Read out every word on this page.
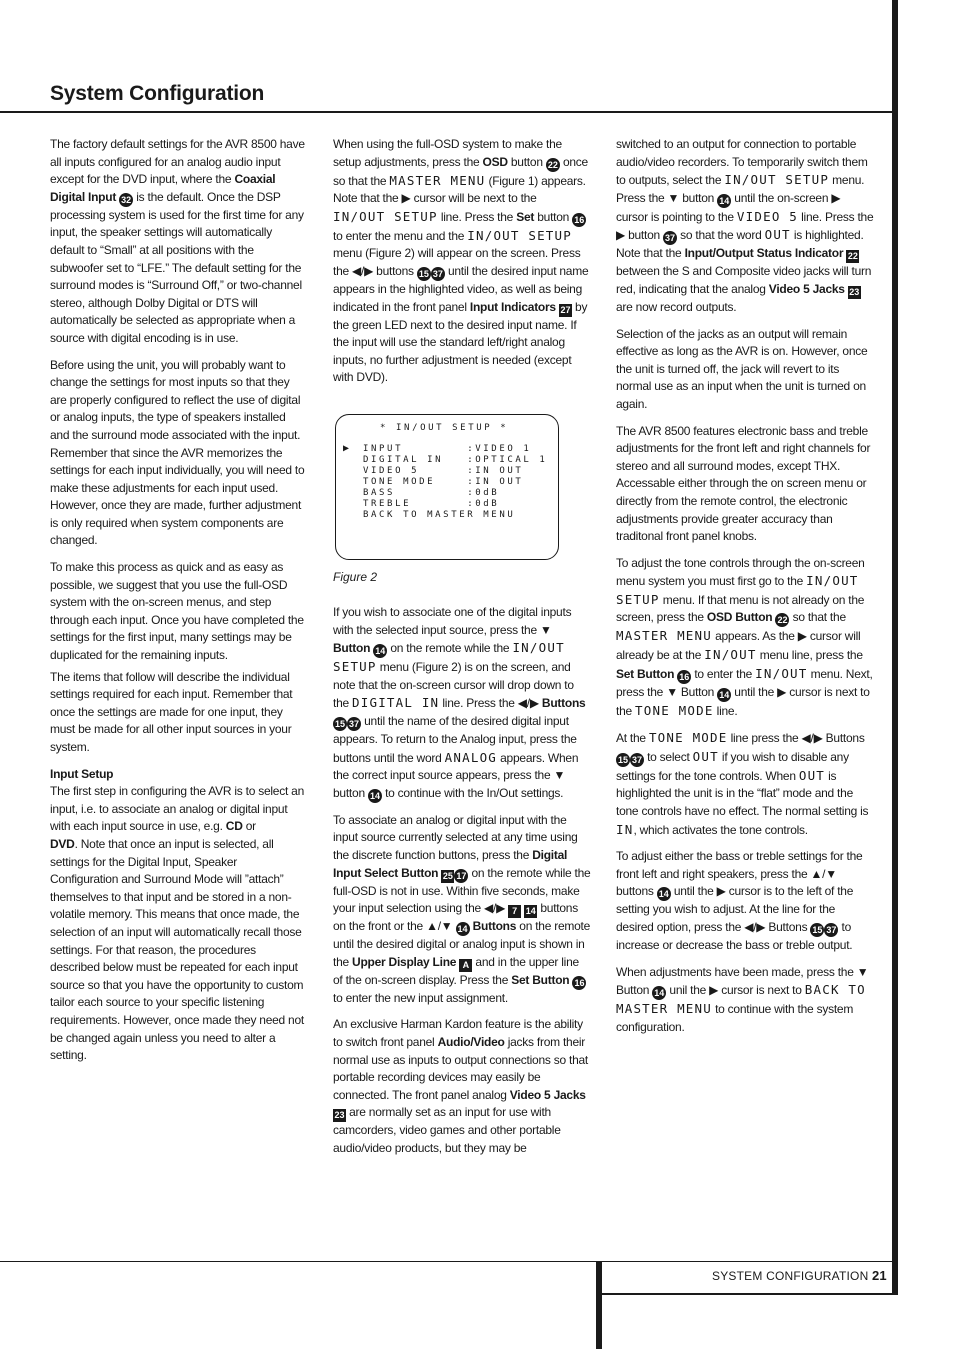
System Configuration
SYSTEM CONFIGURATION 21

The factory default settings for the AVR 8500 have all inputs configured for an analog audio input except for the DVD input, where the Coaxial Digital Input 32 is the default. Once the DSP processing system is used for the first time for any input, the speaker settings will automatically default to “Small” at all positions with the subwoofer set to “LFE.” The default setting for the surround modes is “Surround Off,” or two-channel stereo, although Dolby Digital or DTS will automatically be selected as appropriate when a source with digital encoding is in use.

Before using the unit, you will probably want to change the settings for most inputs so that they are properly configured to reflect the use of digital or analog inputs, the type of speakers installed and the surround mode associated with the input. Remember that since the AVR memorizes the settings for each input individually, you will need to make these adjustments for each input used. However, once they are made, further adjustment is only required when system components are changed.

To make this process as quick and as easy as possible, we suggest that you use the full-OSD system with the on-screen menus, and step through each input. Once you have completed the settings for the first input, many settings may be duplicated for the remaining inputs.

The items that follow will describe the individual settings required for each input. Remember that once the settings are made for one input, they must be made for all other input sources in your system.

Input Setup
The first step in configuring the AVR is to select an input, i.e. to associate an analog or digital input with each input source in use, e.g. CD or
DVD. Note that once an input is selected, all settings for the Digital Input, Speaker Configuration and Surround Mode will ”attach” themselves to that input and be stored in a non-volatile memory. This means that once made, the selection of an input will automatically recall those settings. For that reason, the procedures described below must be repeated for each input source so that you have the opportunity to custom tailor each source to your specific listening requirements. However, once made they need not be changed again unless you need to alter a setting.

When using the full-OSD system to make the setup adjustments, press the OSD button 22 once so that the MASTER MENU (Figure 1) appears. Note that the ▶ cursor will be next to the IN/OUT SETUP line. Press the Set button 16 to enter the menu and the IN/OUT SETUP menu (Figure 2) will appear on the screen. Press the ◀/▶ buttons 15 37 until the desired input name appears in the highlighted video, as well as being indicated in the front panel Input Indicators 27 by the green LED next to the desired input name. If the input will use the standard left/right analog inputs, no further adjustment is needed (except with DVD).

* IN/OUT SETUP *
▶ INPUT        :VIDEO 1
DIGITAL IN   :OPTICAL 1
VIDEO 5      :IN OUT
TONE MODE    :IN OUT
BASS         :0dB
TREBLE       :0dB
BACK TO MASTER MENU
Figure 2

If you wish to associate one of the digital inputs with the selected input source, press the ▼ Button 14 on the remote while the IN/OUT SETUP menu (Figure 2) is on the screen, and note that the on-screen cursor will drop down to the DIGITAL IN line. Press the ◀/▶ Buttons 15 37 until the name of the desired digital input appears. To return to the Analog input, press the buttons until the word ANALOG appears. When the correct input source appears, press the ▼ button 14 to continue with the In/Out settings.

To associate an analog or digital input with the input source currently selected at any time using the discrete function buttons, press the Digital Input Select Button 25 17 on the remote while the full-OSD is not in use. Within five seconds, make your input selection using the ◀/▶ 7 14 buttons on the front or the ▲/▼ 14 Buttons on the remote until the desired digital or analog input is shown in the Upper Display Line A and in the upper line of the on-screen display. Press the Set Button 16 to enter the new input assignment.

An exclusive Harman Kardon feature is the ability to switch front panel Audio/Video jacks from their normal use as inputs to output connections so that portable recording devices may easily be connected. The front panel analog Video 5 Jacks 23 are normally set as an input for use with camcorders, video games and other portable audio/video products, but they may be

switched to an output for connection to portable audio/video recorders. To temporarily switch them to outputs, select the IN/OUT SETUP menu. Press the ▼ button 14 until the on-screen ▶ cursor is pointing to the VIDEO 5 line. Press the ▶ button 37 so that the word OUT is highlighted. Note that the Input/Output Status Indicator 22 between the S and Composite video jacks will turn red, indicating that the analog Video 5 Jacks 23 are now record outputs.

Selection of the jacks as an output will remain effective as long as the AVR is on. However, once the unit is turned off, the jack will revert to its normal use as an input when the unit is turned on again.

The AVR 8500 features electronic bass and treble adjustments for the front left and right channels for stereo and all surround modes, except THX. Accessable either through the on screen menu or directly from the remote control, the electronic adjustments provide greater accuracy than traditonal front panel knobs.

To adjust the tone controls through the on-screen menu system you must first go to the IN/OUT SETUP menu. If that menu is not already on the screen, press the OSD Button 22 so that the MASTER MENU appears. As the ▶ cursor will already be at the IN/OUT menu line, press the Set Button 16 to enter the IN/OUT menu. Next, press the ▼ Button 14 until the ▶ cursor is next to the TONE MODE line.

At the TONE MODE line press the ◀/▶ Buttons 15 37 to select OUT if you wish to disable any settings for the tone controls. When OUT is highlighted the unit is in the “flat” mode and the tone controls have no effect. The normal setting is IN, which activates the tone controls.

To adjust either the bass or treble settings for the front left and right speakers, press the ▲/▼ buttons 14 until the ▶ cursor is to the left of the setting you wish to adjust. At the line for the desired option, press the ◀/▶ Buttons 15 37 to increase or decrease the bass or treble output.

When adjustments have been made, press the ▼ Button 14 unil the ▶ cursor is next to BACK TO MASTER MENU to continue with the system configuration.
